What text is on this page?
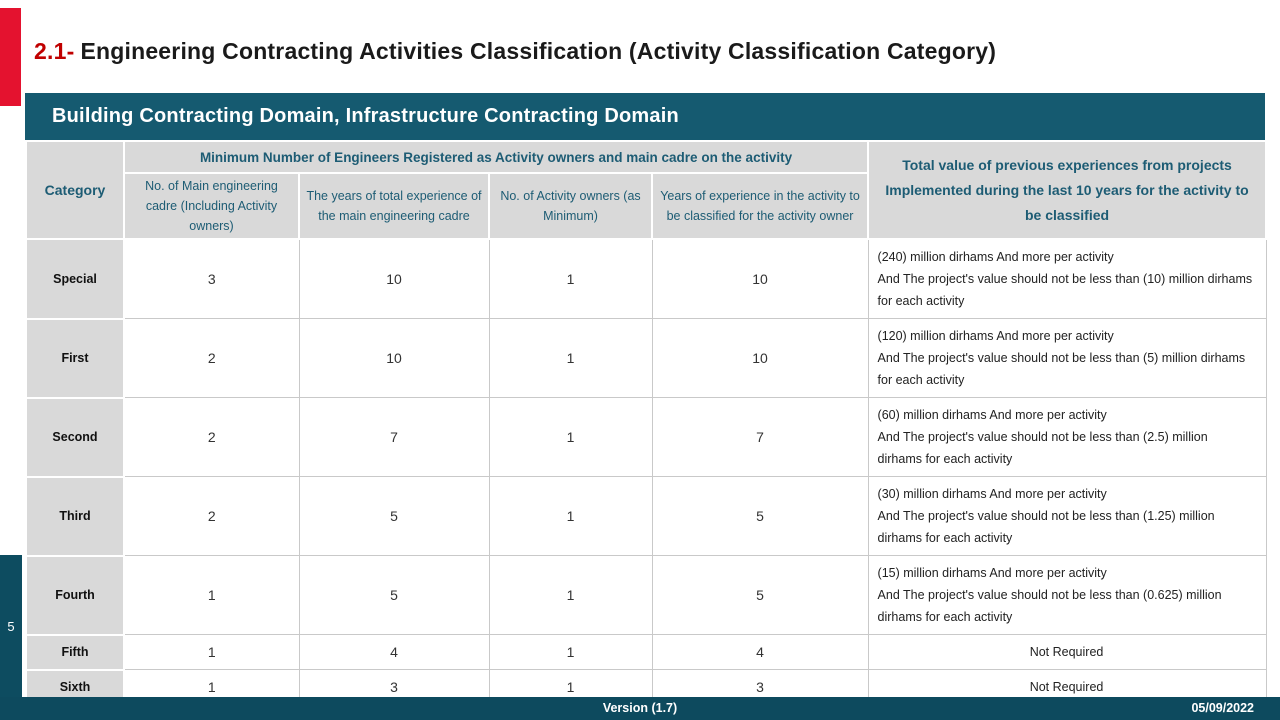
2.1- Engineering Contracting Activities Classification (Activity Classification Category)
Building Contracting Domain, Infrastructure Contracting Domain
Category	Minimum Number of Engineers Registered as Activity owners and main cadre on the activity				Total value of previous experiences from projects Implemented during the last 10 years for the activity to be classified
	No. of Main engineering cadre (Including Activity owners)	The years of total experience of the main engineering cadre	No. of Activity owners (as Minimum)	Years of experience in the activity to be classified for the activity owner	
Special	3	10	1	10	(240) million dirhams And more per activity
And The project's value should not be less than (10) million dirhams for each activity

First	2	10	1	10	(120) million dirhams And more per activity
And The project's value should not be less than (5) million dirhams for each activity

Second	2	7	1	7	(60) million dirhams And more per activity
And The project's value should not be less than (2.5) million dirhams for each activity

Third	2	5	1	5	(30) million dirhams And more per activity
And The project's value should not be less than (1.25) million dirhams for each activity

Fourth	1	5	1	5	(15) million dirhams And more per activity
And The project's value should not be less than (0.625) million dirhams for each activity

Fifth	1	4	1	4	Not Required
Sixth	1	3	1	3	Not Required
5
Version (1.7)	05/09/2022
